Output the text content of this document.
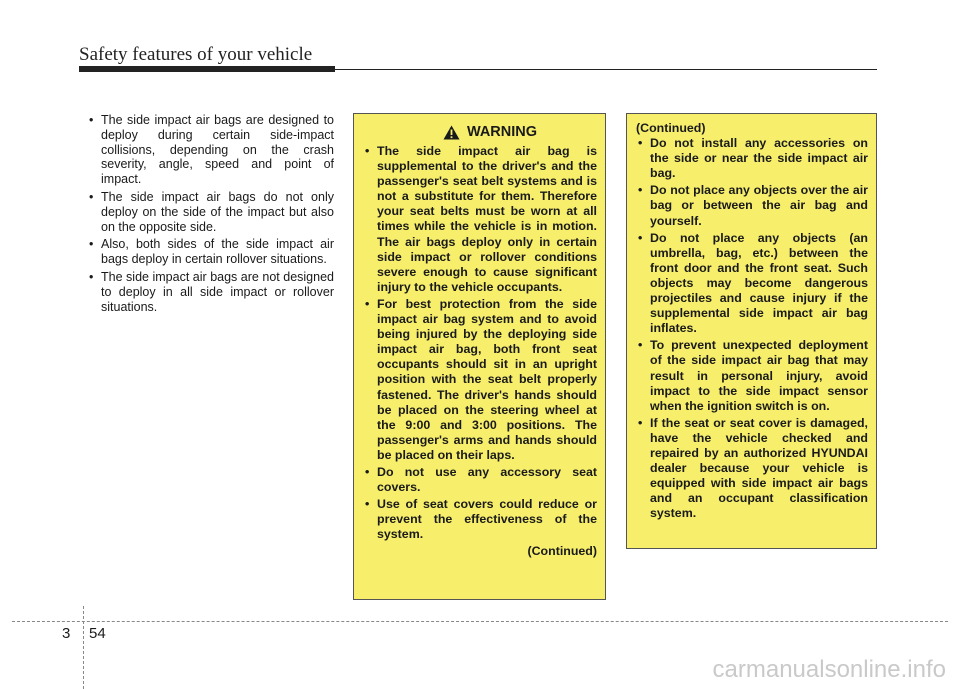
Safety features of your vehicle
• The side impact air bags are designed to deploy during certain side-impact collisions, depending on the crash severity, angle, speed and point of impact.
• The side impact air bags do not only deploy on the side of the impact but also on the opposite side.
• Also, both sides of the side impact air bags deploy in certain rollover situations.
• The side impact air bags are not designed to deploy in all side impact or rollover situations.
WARNING
• The side impact air bag is supplemental to the driver's and the passenger's seat belt systems and is not a substitute for them. Therefore your seat belts must be worn at all times while the vehicle is in motion. The air bags deploy only in certain side impact or rollover conditions severe enough to cause significant injury to the vehicle occupants.
• For best protection from the side impact air bag system and to avoid being injured by the deploying side impact air bag, both front seat occupants should sit in an upright position with the seat belt properly fastened. The driver's hands should be placed on the steering wheel at the 9:00 and 3:00 positions. The passenger's arms and hands should be placed on their laps.
• Do not use any accessory seat covers.
• Use of seat covers could reduce or prevent the effectiveness of the system.
(Continued)
(Continued)
• Do not install any accessories on the side or near the side impact air bag.
• Do not place any objects over the air bag or between the air bag and yourself.
• Do not place any objects (an umbrella, bag, etc.) between the front door and the front seat. Such objects may become dangerous projectiles and cause injury if the supplemental side impact air bag inflates.
• To prevent unexpected deployment of the side impact air bag that may result in personal injury, avoid impact to the side impact sensor when the ignition switch is on.
• If the seat or seat cover is damaged, have the vehicle checked and repaired by an authorized HYUNDAI dealer because your vehicle is equipped with side impact air bags and an occupant classification system.
3 54
carmanualsonline.info
